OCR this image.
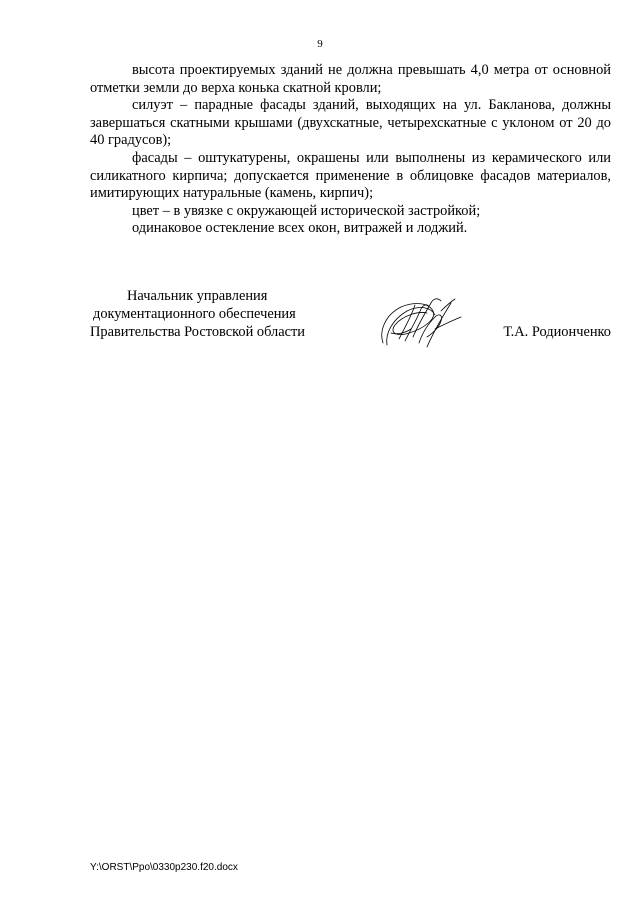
9

высота проектируемых зданий не должна превышать 4,0 метра от основной отметки земли до верха конька скатной кровли;

силуэт – парадные фасады зданий, выходящих на ул. Бакланова, должны завершаться скатными крышами (двухскатные, четырехскатные с уклоном от 20 до 40 градусов);

фасады – оштукатурены, окрашены или выполнены из керамического или силикатного кирпича; допускается применение в облицовке фасадов материалов, имитирующих натуральные (камень, кирпич);

цвет – в увязке с окружающей исторической застройкой;

одинаковое остекление всех окон, витражей и лоджий.

Начальник управления
документационного обеспечения
Правительства Ростовской области	Т.А. Родионченко
Y:\ORST\Ppo\0330p230.f20.docx
